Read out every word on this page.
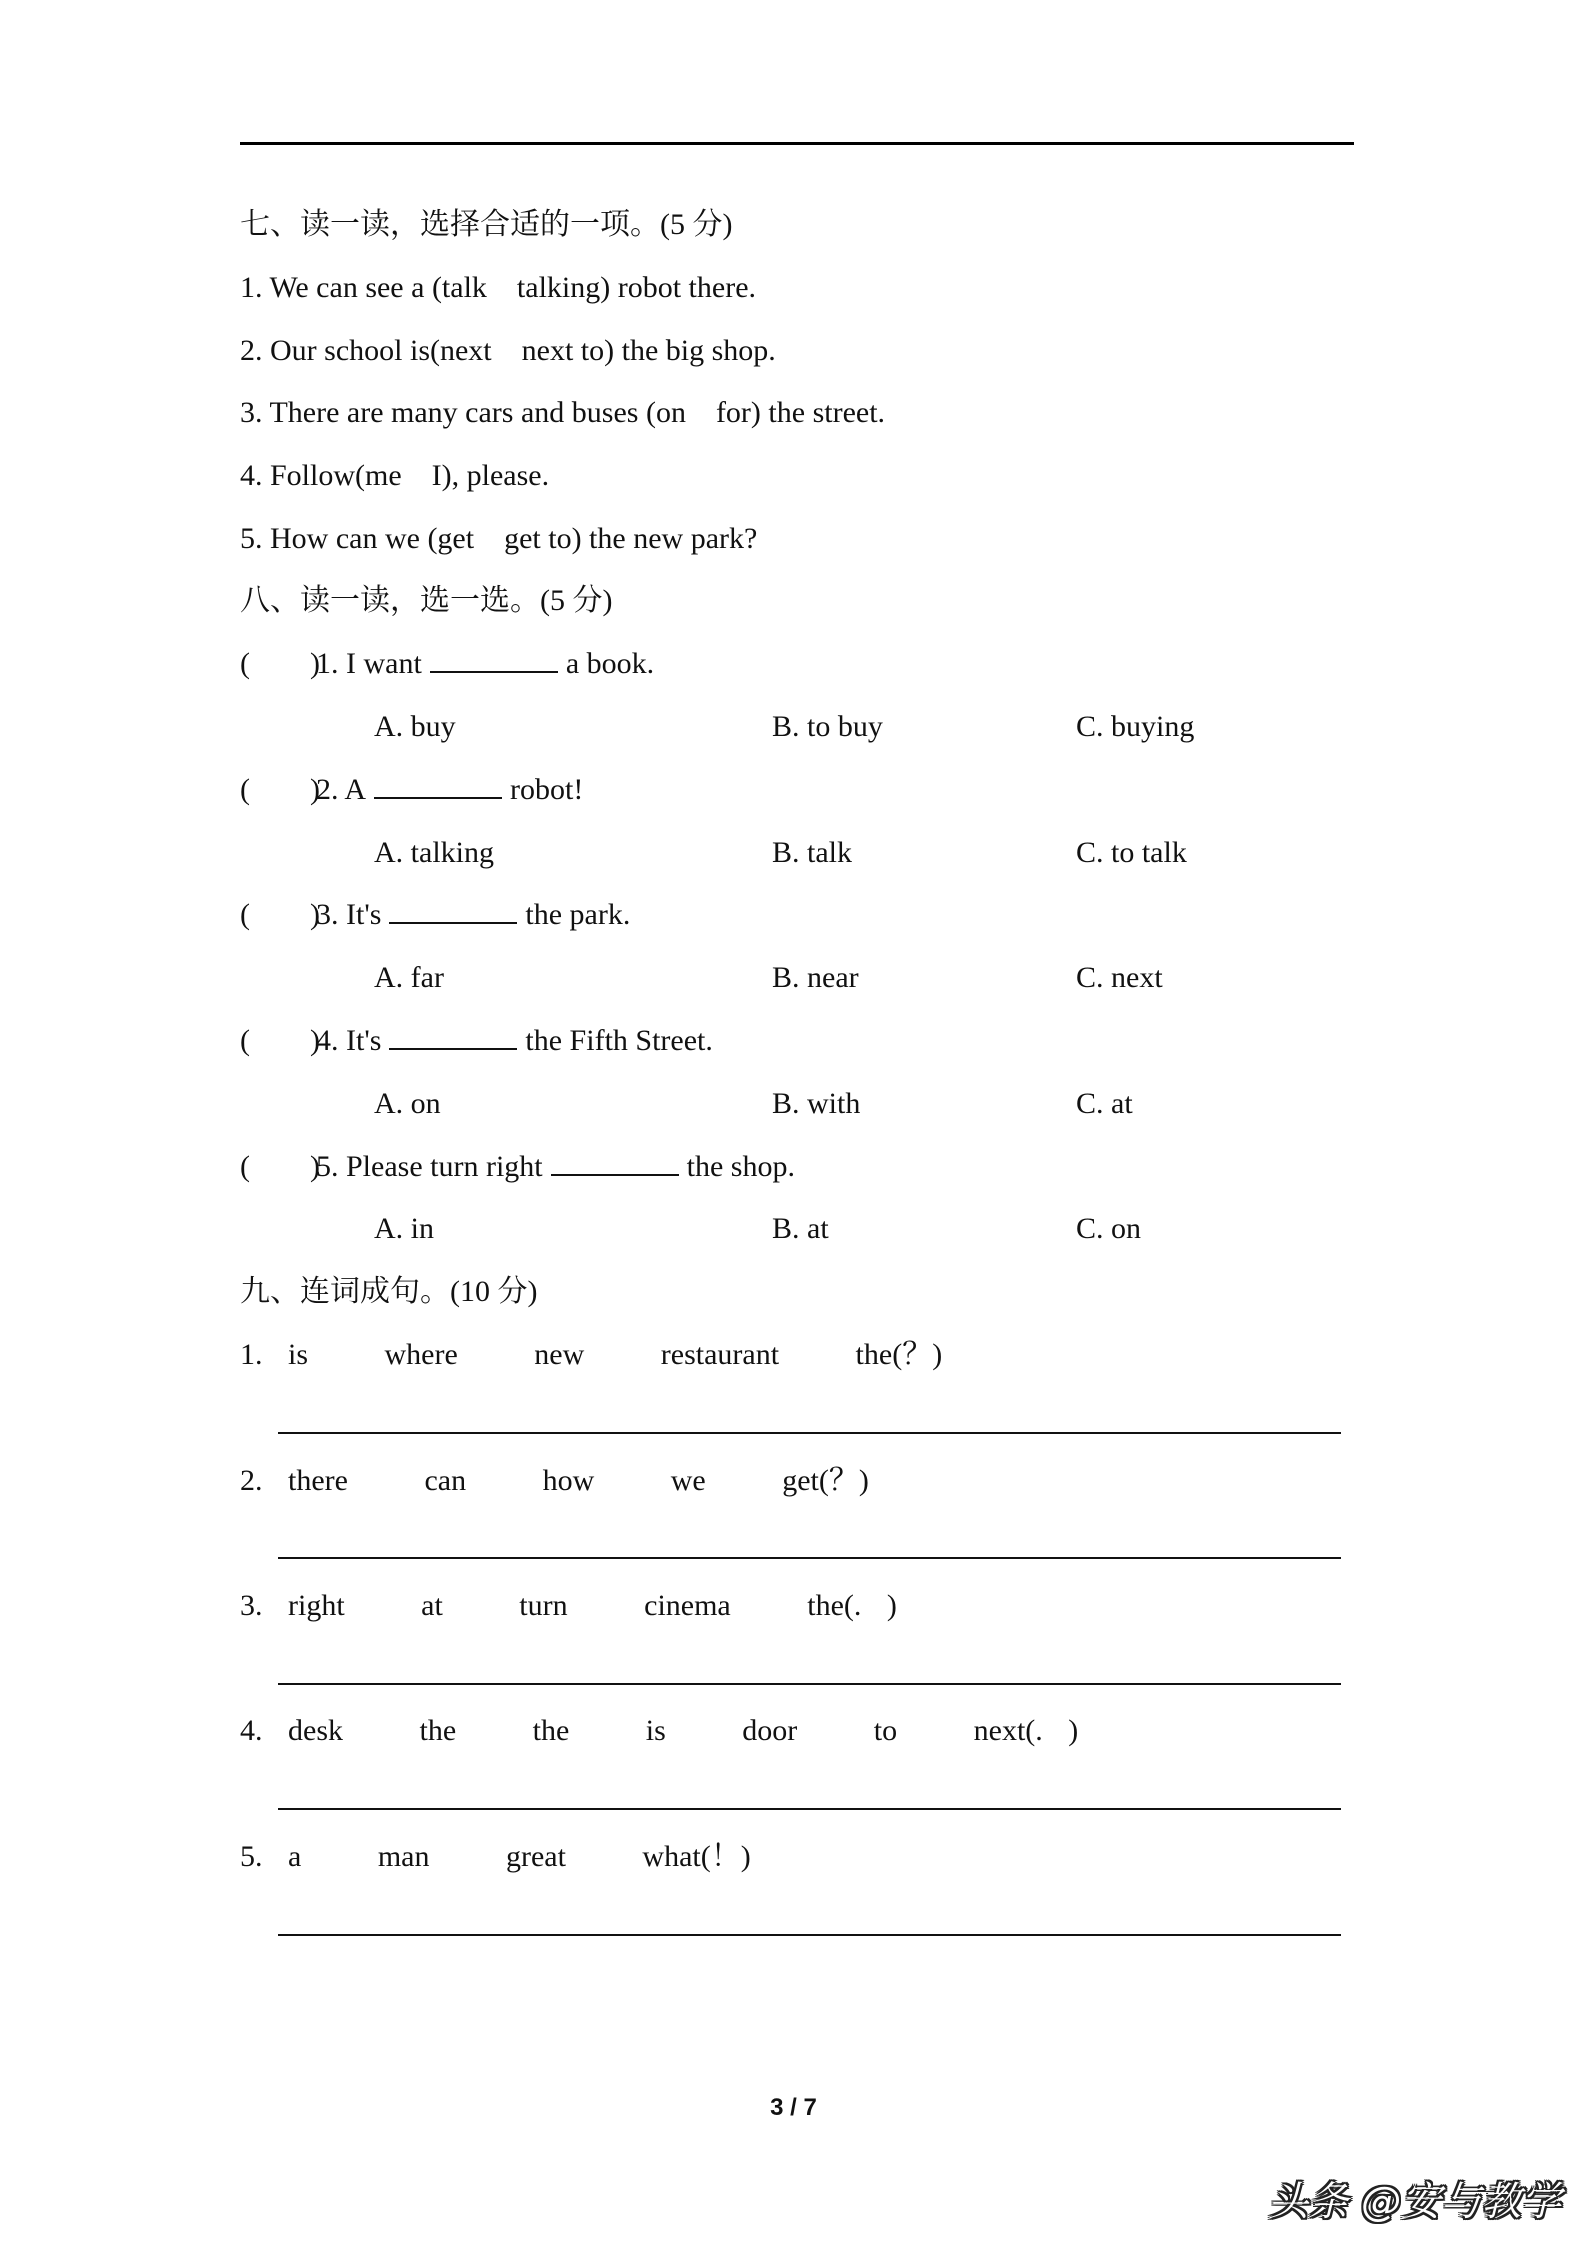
七、读一读，选择合适的一项。(5 分)
1. We can see a (talk    talking) robot there.
2. Our school is(next    next to) the big shop.
3. There are many cars and buses (on    for) the street.
4. Follow(me    I), please.
5. How can we (get    get to) the new park?
八、读一读，选一选。(5 分)
(        )
1. I want	a book.
A. buy	B. to buy	C. buying
(        )
2. A	robot!
A. talking	B. talk	C. to talk
(        )
3. It's	the park.
A. far	B. near	C. next
(        )
4. It's	the Fifth Street.
A. on	B. with	C. at
(        )
5. Please turn right	the shop.
A. in	B. at	C. on
九、连词成句。(10 分)
1. is   where   new   restaurant   the(？)
2. there   can   how   we   get(？)
3. right   at   turn   cinema   the(. )
4. desk   the   the   is   door   to   next(. )
5. a   man   great   what(！)
3 / 7
头条 @安与教学
